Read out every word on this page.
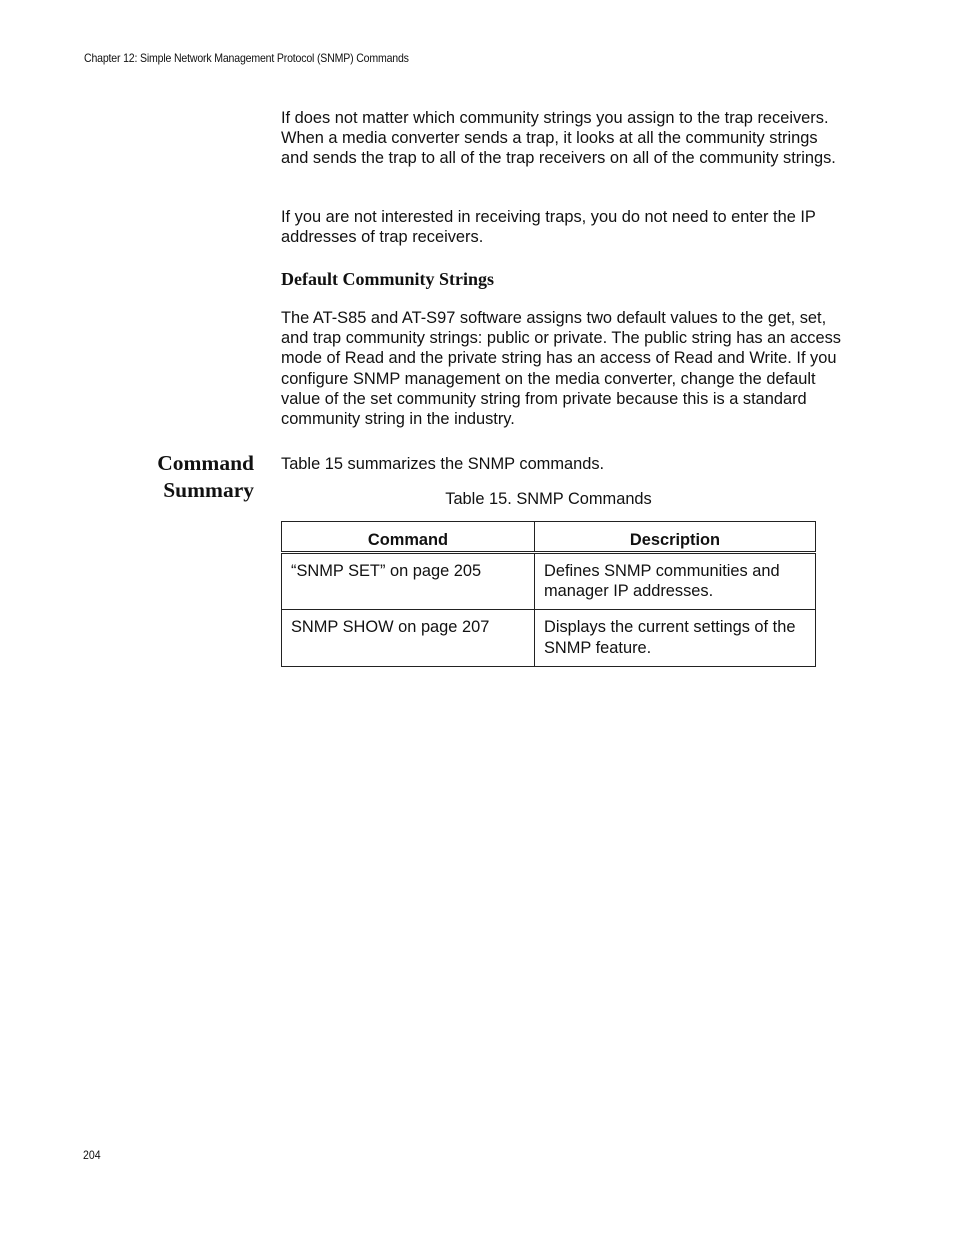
Chapter 12: Simple Network Management Protocol (SNMP) Commands

If does not matter which community strings you assign to the trap receivers. When a media converter sends a trap, it looks at all the community strings and sends the trap to all of the trap receivers on all of the community strings.

If you are not interested in receiving traps, you do not need to enter the IP addresses of trap receivers.

Default Community Strings

The AT-S85 and AT-S97 software assigns two default values to the get, set, and trap community strings: public or private. The public string has an access mode of Read and the private string has an access of Read and Write. If you configure SNMP management on the media converter, change the default value of the set community string from private because this is a standard community string in the industry.

Command
Summary

Table 15 summarizes the SNMP commands.

Table 15. SNMP Commands

Command	Description
“SNMP SET” on page 205	Defines SNMP communities and manager IP addresses.
SNMP SHOW on page 207	Displays the current settings of the SNMP feature.
204
